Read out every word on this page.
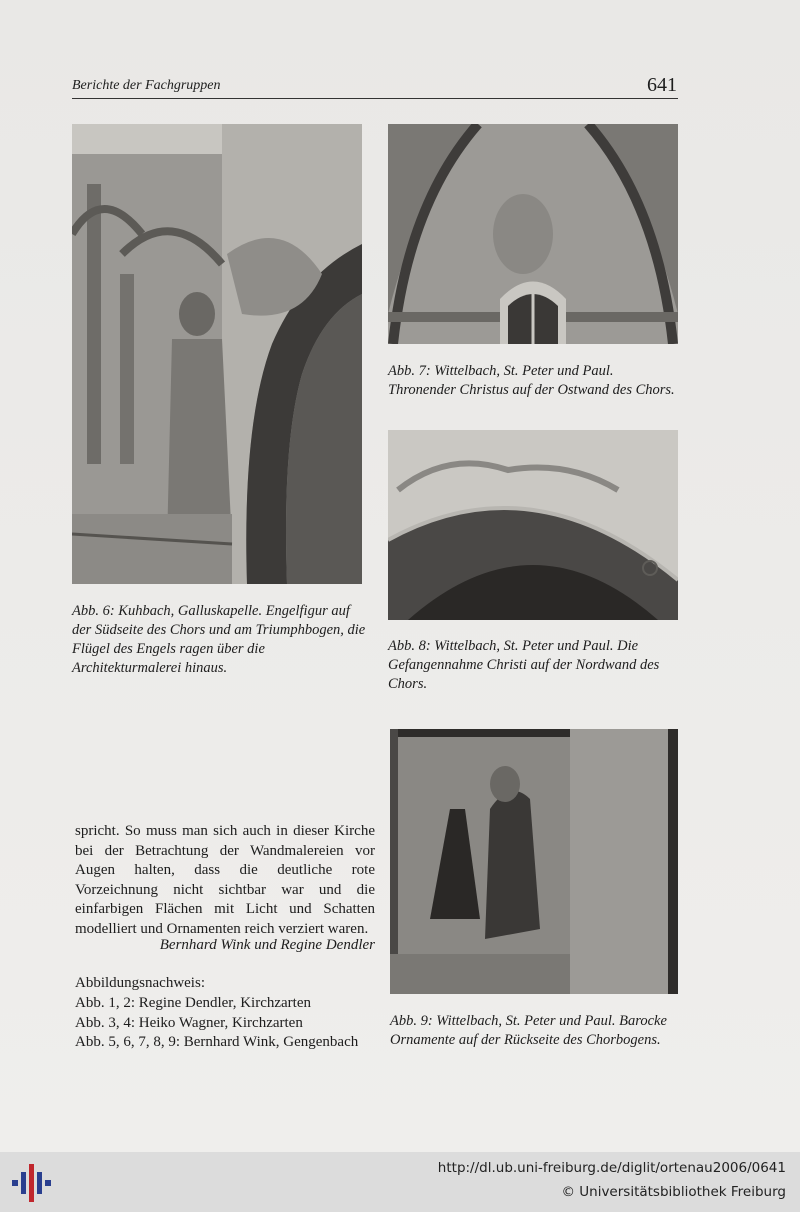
Berichte der Fachgruppen	641

Abb. 7: Wittelbach, St. Peter und Paul. Thronender Christus auf der Ostwand des Chors.

Abb. 8: Wittelbach, St. Peter und Paul. Die Gefangennahme Christi auf der Nordwand des Chors.

Abb. 6: Kuhbach, Galluskapelle. Engelfigur auf der Südseite des Chors und am Triumphbogen, die Flügel des Engels ragen über die Architekturmalerei hinaus.

Abb. 9: Wittelbach, St. Peter und Paul. Barocke Ornamente auf der Rückseite des Chorbogens.

spricht. So muss man sich auch in dieser Kirche bei der Betrachtung der Wandmalereien vor Augen halten, dass die deutliche rote Vorzeichnung nicht sichtbar war und die einfarbigen Flächen mit Licht und Schatten modelliert und Ornamenten reich verziert waren.

Bernhard Wink und Regine Dendler
Abbildungsnachweis:
Abb. 1, 2: Regine Dendler, Kirchzarten
Abb. 3, 4: Heiko Wagner, Kirchzarten
Abb. 5, 6, 7, 8, 9: Bernhard Wink, Gengenbach
http://dl.ub.uni-freiburg.de/diglit/ortenau2006/0641
© Universitätsbibliothek Freiburg
